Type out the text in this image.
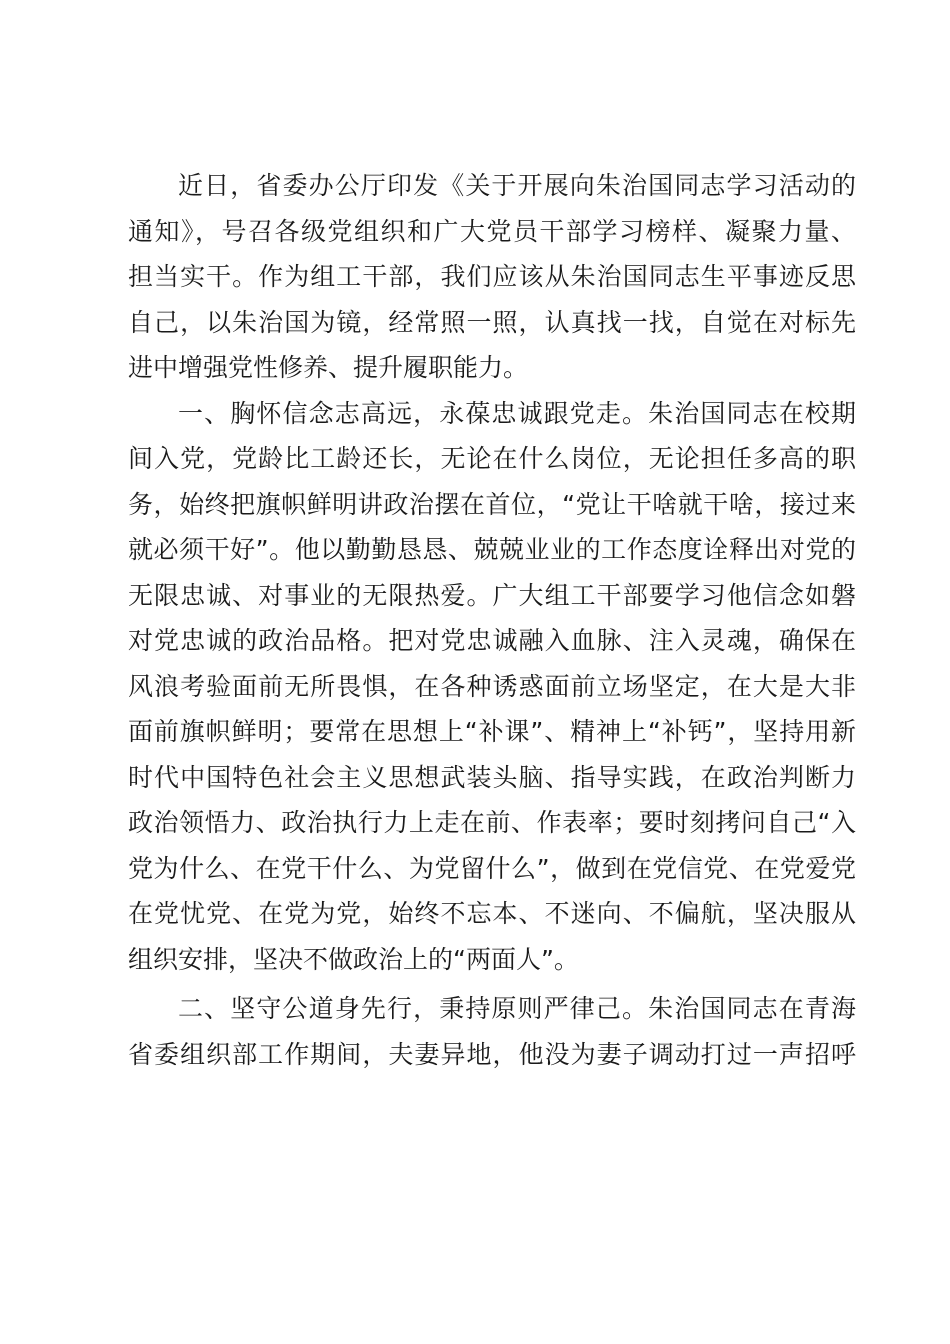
近日，省委办公厅印发《关于开展向朱治国同志学习活动的
通知》，号召各级党组织和广大党员干部学习榜样、凝聚力量、
担当实干。作为组工干部，我们应该从朱治国同志生平事迹反思
自己，以朱治国为镜，经常照一照，认真找一找，自觉在对标先
进中增强党性修养、提升履职能力。
一、胸怀信念志高远，永葆忠诚跟党走。朱治国同志在校期
间入党，党龄比工龄还长，无论在什么岗位，无论担任多高的职
务，始终把旗帜鲜明讲政治摆在首位，“党让干啥就干啥，接过来
就必须干好”。他以勤勤恳恳、兢兢业业的工作态度诠释出对党的
无限忠诚、对事业的无限热爱。广大组工干部要学习他信念如磐
对党忠诚的政治品格。把对党忠诚融入血脉、注入灵魂，确保在
风浪考验面前无所畏惧，在各种诱惑面前立场坚定，在大是大非
面前旗帜鲜明；要常在思想上“补课”、精神上“补钙”，坚持用新
时代中国特色社会主义思想武装头脑、指导实践，在政治判断力
政治领悟力、政治执行力上走在前、作表率；要时刻拷问自己“入
党为什么、在党干什么、为党留什么”，做到在党信党、在党爱党
在党忧党、在党为党，始终不忘本、不迷向、不偏航，坚决服从
组织安排，坚决不做政治上的“两面人”。
二、坚守公道身先行，秉持原则严律己。朱治国同志在青海
省委组织部工作期间，夫妻异地，他没为妻子调动打过一声招呼
